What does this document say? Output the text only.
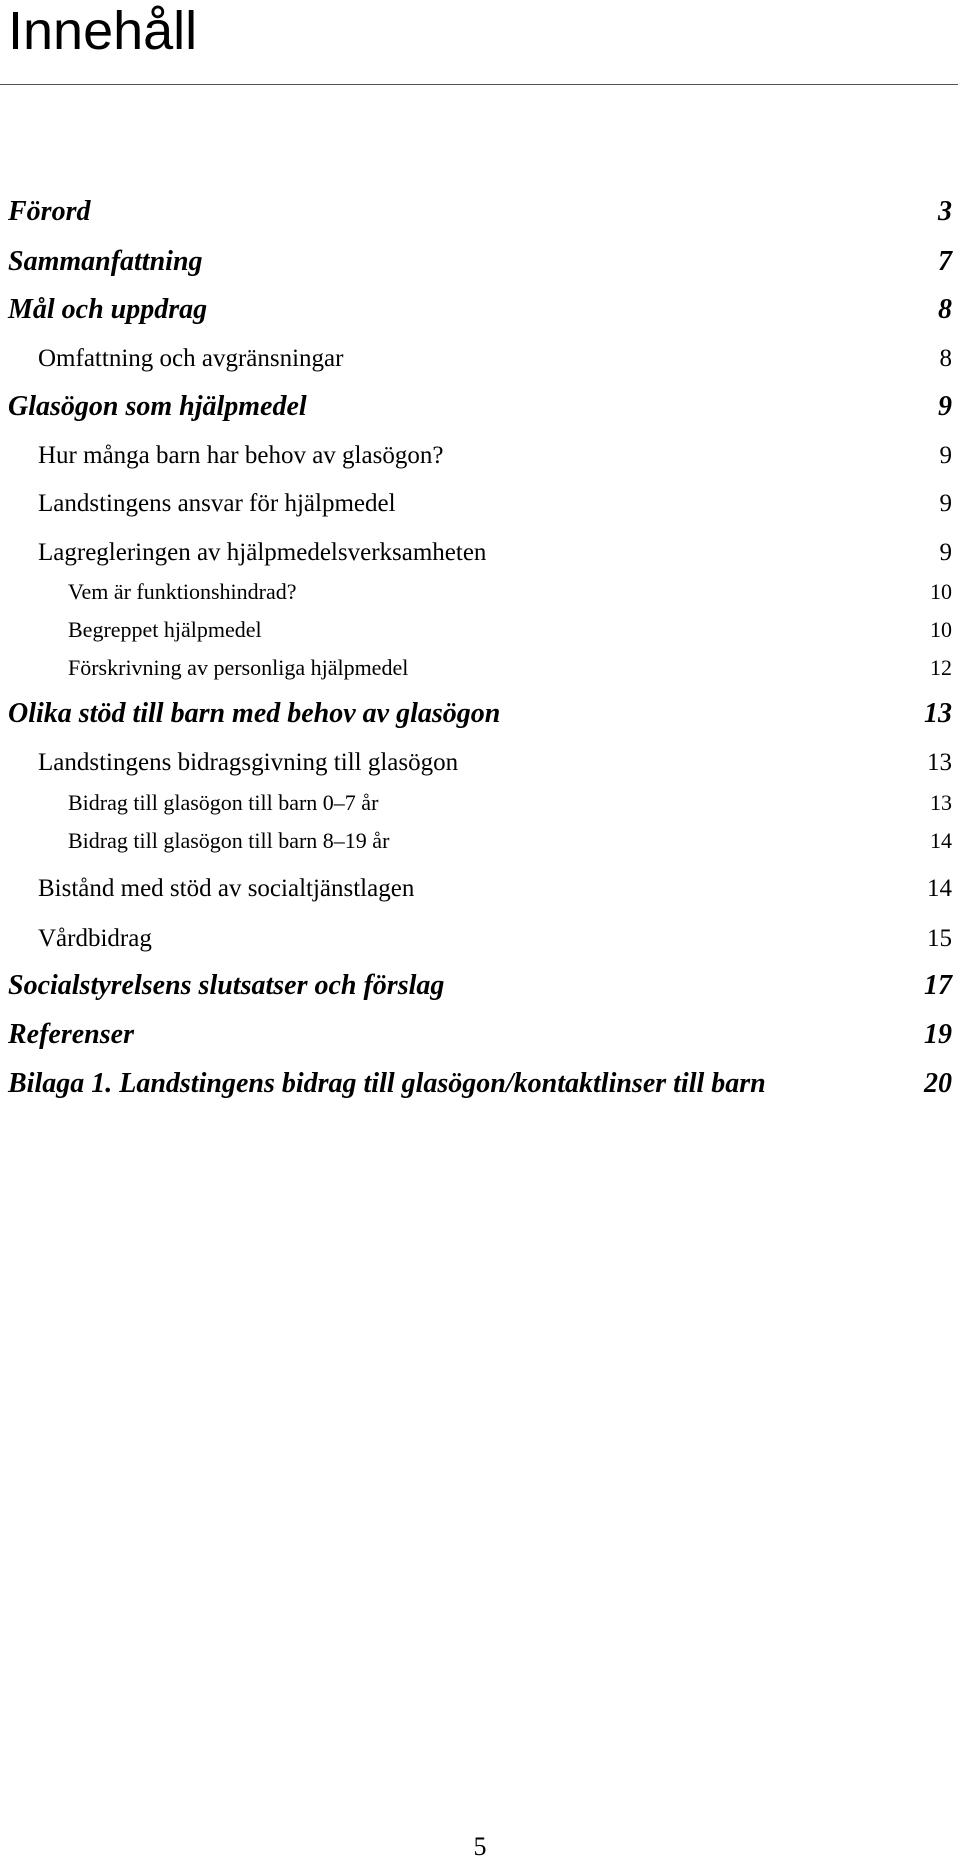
Innehåll
Förord	3
Sammanfattning	7
Mål och uppdrag	8
Omfattning och avgränsningar	8
Glasögon som hjälpmedel	9
Hur många barn har behov av glasögon?	9
Landstingens ansvar för hjälpmedel	9
Lagregleringen av hjälpmedelsverksamheten	9
Vem är funktionshindrad?	10
Begreppet hjälpmedel	10
Förskrivning av personliga hjälpmedel	12
Olika stöd till barn med behov av glasögon	13
Landstingens bidragsgivning till glasögon	13
Bidrag till glasögon till barn 0–7 år	13
Bidrag till glasögon till barn 8–19 år	14
Bistånd med stöd av socialtjänstlagen	14
Vårdbidrag	15
Socialstyrelsens slutsatser och förslag	17
Referenser	19
Bilaga 1. Landstingens bidrag till glasögon/kontaktlinser till barn	20
5
